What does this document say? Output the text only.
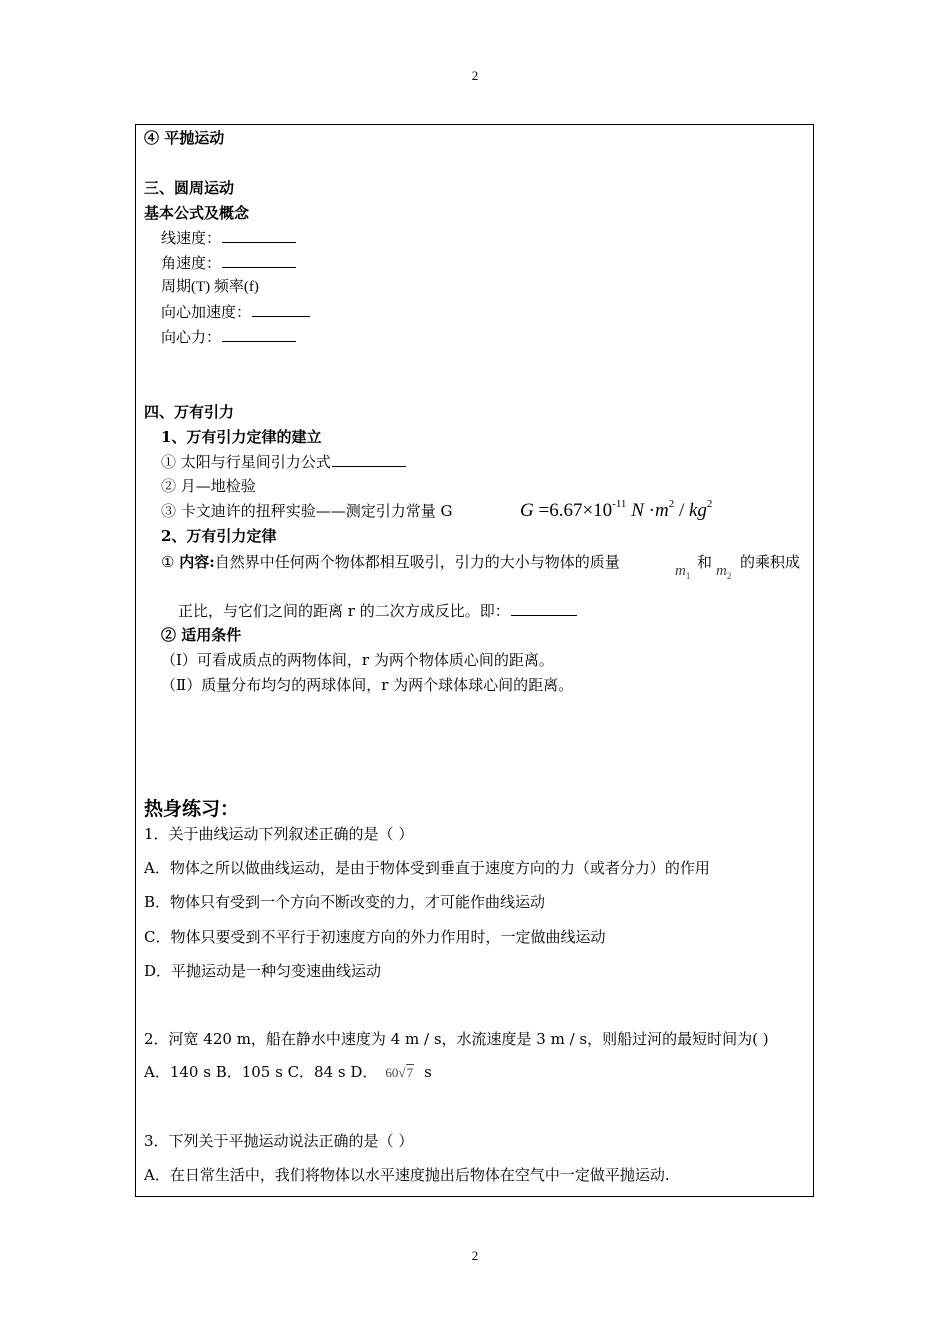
2
④ 平抛运动
三、圆周运动
基本公式及概念
线速度：
角速度：
周期(T) 频率(f)
向心加速度：
向心力：
四、万有引力
1、万有引力定律的建立
① 太阳与行星间引力公式
② 月—地检验
③ 卡文迪许的扭秤实验——测定引力常量 G	$G =6.67\times 10^{-11}$ $N \cdot m^2 / kg^2$
2、万有引力定律
① 内容:自然界中任何两个物体都相互吸引，引力的大小与物体的质量	$m_1$
和 $m_2$
的乘积成
正比，与它们之间的距离 r 的二次方成反比。即：
② 适用条件
（Ⅰ）可看成质点的两物体间，r 为两个物体质心间的距离。
（Ⅱ）质量分布均匀的两球体间，r 为两个球体球心间的距离。
热身练习：
1．关于曲线运动下列叙述正确的是（ ）
A．物体之所以做曲线运动，是由于物体受到垂直于速度方向的力（或者分力）的作用
B．物体只有受到一个方向不断改变的力，才可能作曲线运动
C．物体只要受到不平行于初速度方向的外力作用时，一定做曲线运动
D．平抛运动是一种匀变速曲线运动
2．河宽 420 m，船在静水中速度为 4 m / s，水流速度是 3 m / s，则船过河的最短时间为( )
A．140 s B．105 s C．84 s D． 60√7 s
3．下列关于平抛运动说法正确的是（ ）
A．在日常生活中，我们将物体以水平速度抛出后物体在空气中一定做平抛运动.
2
